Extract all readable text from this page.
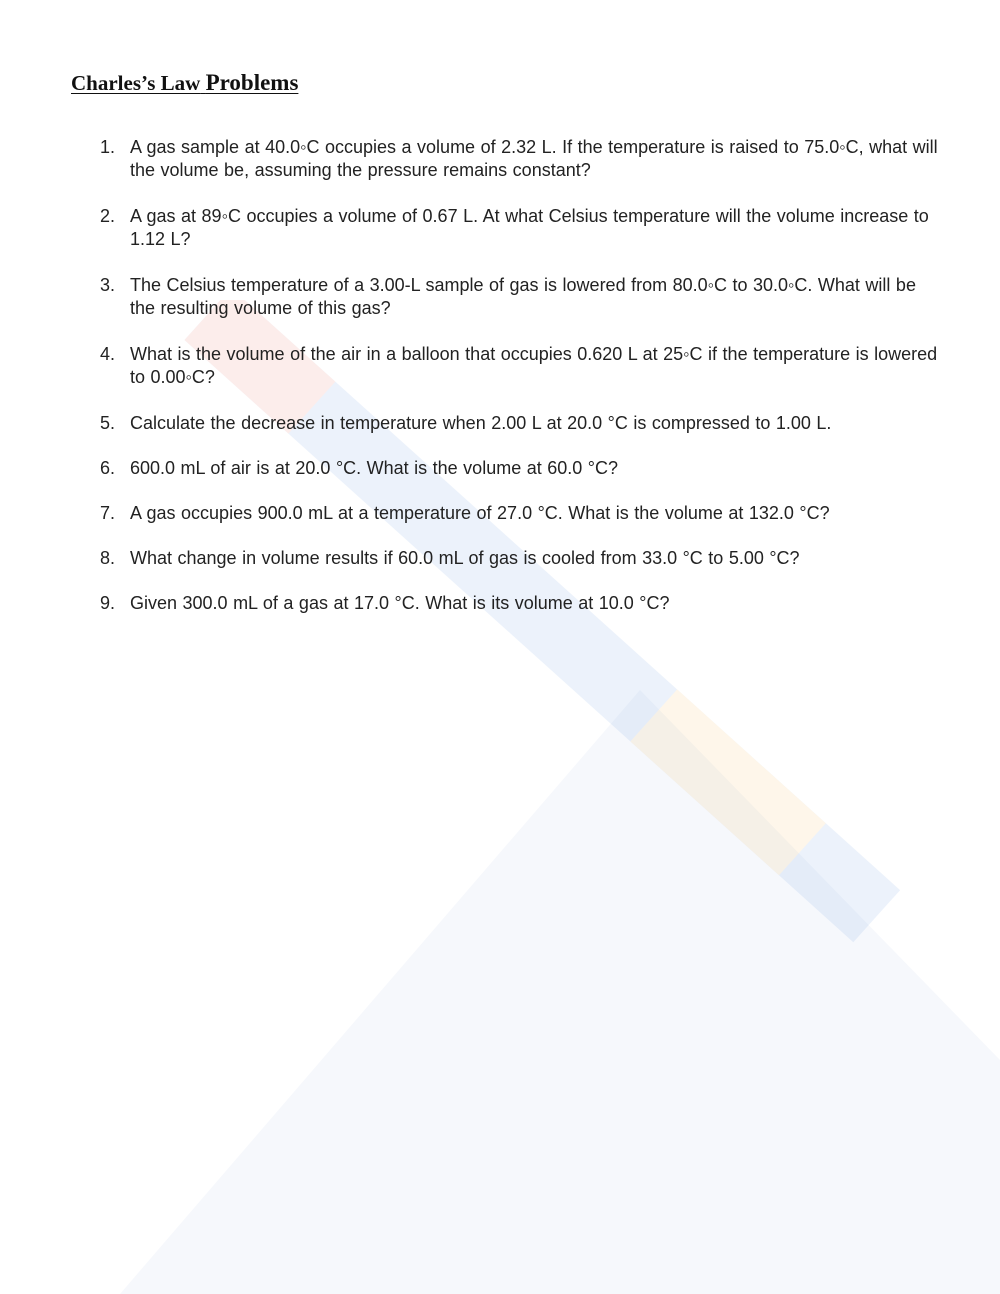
Charles’s Law Problems
1. A gas sample at 40.0◦C occupies a volume of 2.32 L. If the temperature is raised to 75.0◦C, what will the volume be, assuming the pressure remains constant?
2. A gas at 89◦C occupies a volume of 0.67 L. At what Celsius temperature will the volume increase to 1.12 L?
3. The Celsius temperature of a 3.00-L sample of gas is lowered from 80.0◦C to 30.0◦C. What will be the resulting volume of this gas?
4. What is the volume of the air in a balloon that occupies 0.620 L at 25◦C if the temperature is lowered to 0.00◦C?
5. Calculate the decrease in temperature when 2.00 L at 20.0 °C is compressed to 1.00 L.
6. 600.0 mL of air is at 20.0 °C. What is the volume at 60.0 °C?
7. A gas occupies 900.0 mL at a temperature of 27.0 °C. What is the volume at 132.0 °C?
8. What change in volume results if 60.0 mL of gas is cooled from 33.0 °C to 5.00 °C?
9. Given 300.0 mL of a gas at 17.0 °C. What is its volume at 10.0 °C?
